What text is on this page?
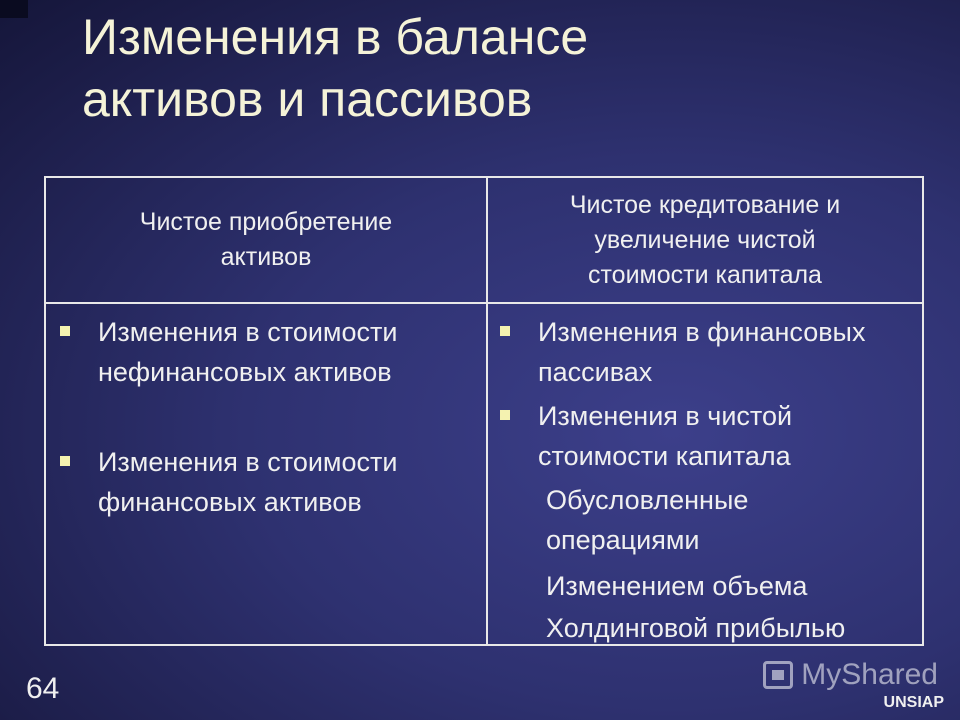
Изменения в балансе
активов и пассивов
Чистое приобретение
активов
Чистое кредитование и
увеличение чистой
стоимости капитала
Изменения в стоимости
нефинансовых активов
Изменения в стоимости
финансовых активов
Изменения в финансовых
пассивах
Изменения в чистой
стоимости капитала
Обусловленные
операциями
Изменением объема
Холдинговой прибылью
64	MyShared
UNSIAP
